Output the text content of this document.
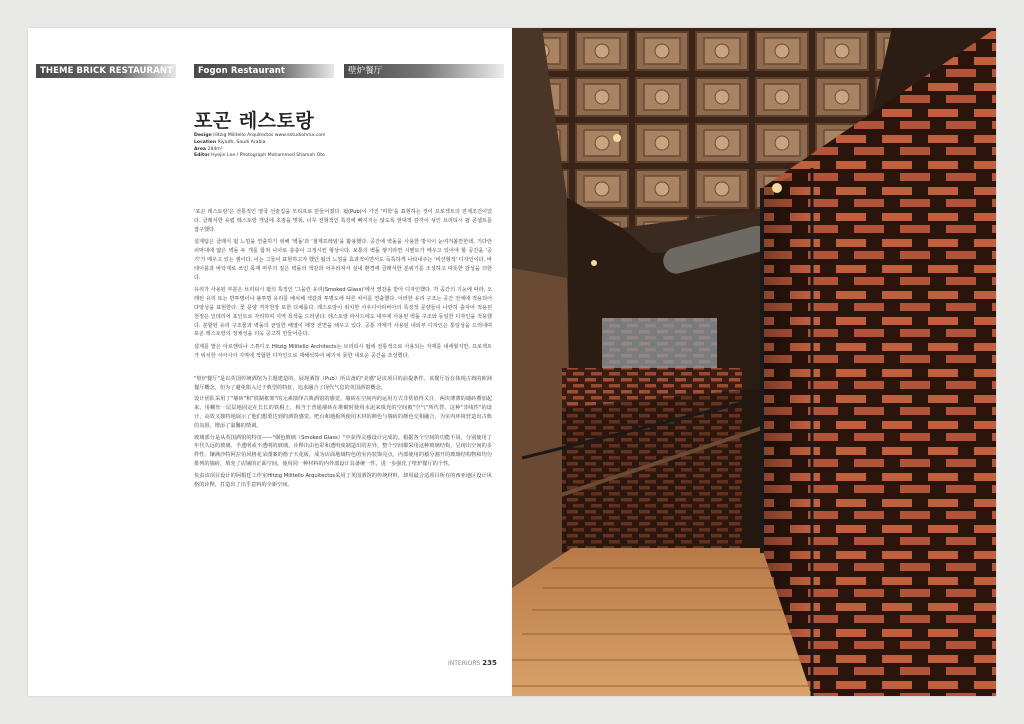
THEME BRICK RESTAURANT	Fogon Restaurant	壁炉餐厅
포곤 레스토랑
Design Hitzig Militello Arquitectos www.estudiohma.com
Location Riyadh, Saudi Arabia
Area 284m²
Editor Hyejin Lee / Photograph Mohammed Shamah Oto

'포곤 레스토랑'은 전통적인 영국 선술집을 모티프로 만들어졌다. 펍(Pub)이 가진 '미학'을 표현하는 것이 프로젝트의 전제조건이었다. 클래식한 유럽 레스토랑 개념에 초점을 맞춰, 너무 전형적인 특징에 빠지지는 않도록 현대적 감각이 섞인 브리티시 펍 콘셉트를 잡구했다.

설계팀은 클래식 펍 느낌을 연출하기 위해 '벽돌'과 '철제프레임'을 활용했다. 공간에 벽돌을 사용한 방식이 눈여겨볼만한데, 기다란 쇠막대에 얇은 벽돌 두 개를 합쳐 나사로 층층이 고정시킨 형상이다. 보통의 벽돌 쌓기라면 시멘트가 메우고 있어야 할 공간을 '공기'가 메우고 있는 셈이다. 이는 그들이 표현하고자 했던 펍의 느낌을 효과적이면서도 독특하게 나타내주는 '비선형적' 디자인이다. 바 테이블과 바닥재로 쓰인 목재 마루의 짙은 벽돌의 색감과 어우러져서 실내 환경에 클래식한 분위기를 조성하고 따뜻한 감성을 더한다.

유리가 사용된 부분은 브리티시 펍의 특징인 '그을린 유리(Smoked Glass)'에서 영감을 받아 디자인했다. 각 공간의 기능에 따라, 오래된 유리 또는 반투명이나 불투명 유리를 배치해 색감과 투명도에 따른 차이를 연출했다. 이러한 유리 구조는 공간 전체에 적용되어 다양성을 표현한다. 꽃 문양 격자천장 또한 다채롭다. 레스토랑이 위치한 사우디아라비아의 특징적 문양들이 나란히 출자어 적용된 천정은 인테리어 포인트로 자리하며 지역 특색을 드러낸다. 레스토랑 파사드에도 내부에 사용된 벽돌 구조와 동일한 디자인을 적용했다. 분할된 유리 구조물과 벽돌의 균일한 배열이 매장 전면을 채우고 있다. 공통 자재가 사용된 내외부 디자인은 통일성을 드러내며 포곤 레스토랑의 정체성을 더욱 공고히 만들어준다.

설계를 맡은 아르헨티나 스튜디오 Hitzig Militello Architects는 브리티시 펍에 전통적으로 사용되는 자재를 내세웠지만, 프로젝트가 위치한 서아시아 지역에 적합한 디자인으로 재해석하여 예기치 못한 새로운 공간을 조성했다.

"壁炉餐厅"是以英国传统酒馆为主题建造的。展现酒馆（Pub）所具备的"美感"是该项目的前提条件。该餐厅旨在体现古典的欧洲餐厅概念，但为了避免陷入过于典型的特征，追求融合了现代气息的英国酒馆概念。

设计团队采用了"墙砖"和"铁制框架"的元素演绎古典酒馆的感觉。墙砖在空间内的运用方式非常值得关注，两块薄薄的墙砖叠加起来，用螺丝一层层地固定在长长的铁棍上，相当于普通墙砖在堆砌时使用水泥来填充的空间被"空气"所代替。这种"非线性"的设计，高效又独特地展示了他们想要达到的酒馆感觉。吧台和地板所使用木材的颜色与墙砖的颜色交相融合，为室内环境营造出古典的氛围，增添了温馨的情调。

玻璃部分是从英国酒馆的特征——"烟色玻璃（Smoked Glass）"中获得灵感设计完成的。根据各个空间的功能不同，分别使用了年代久远的玻璃、半透明或不透明的玻璃，诠释出由色彩和透明度制造出的差异。整个空间都采用这种玻璃结构，呈现出空间的多样性。镶满沙特阿拉伯风格花朵图案的格子天花板，成为店面地域特色的室内装饰亮点。内部使用的被分割开的玻璃结构物和均匀排列的墙砖，填充了店铺的正面空间。使用同一种材料的内外部设计具备统一性，进一步强化了壁炉餐厅的个性。

负责该项目设计的阿根廷工作室Hitzig Militello Arquitectos采用了英国酒馆的传统材料，却用最合适项目所在的西亚地区设计风格的诠释，打造出了出乎意料的全新空间。

INTERIORS 235
